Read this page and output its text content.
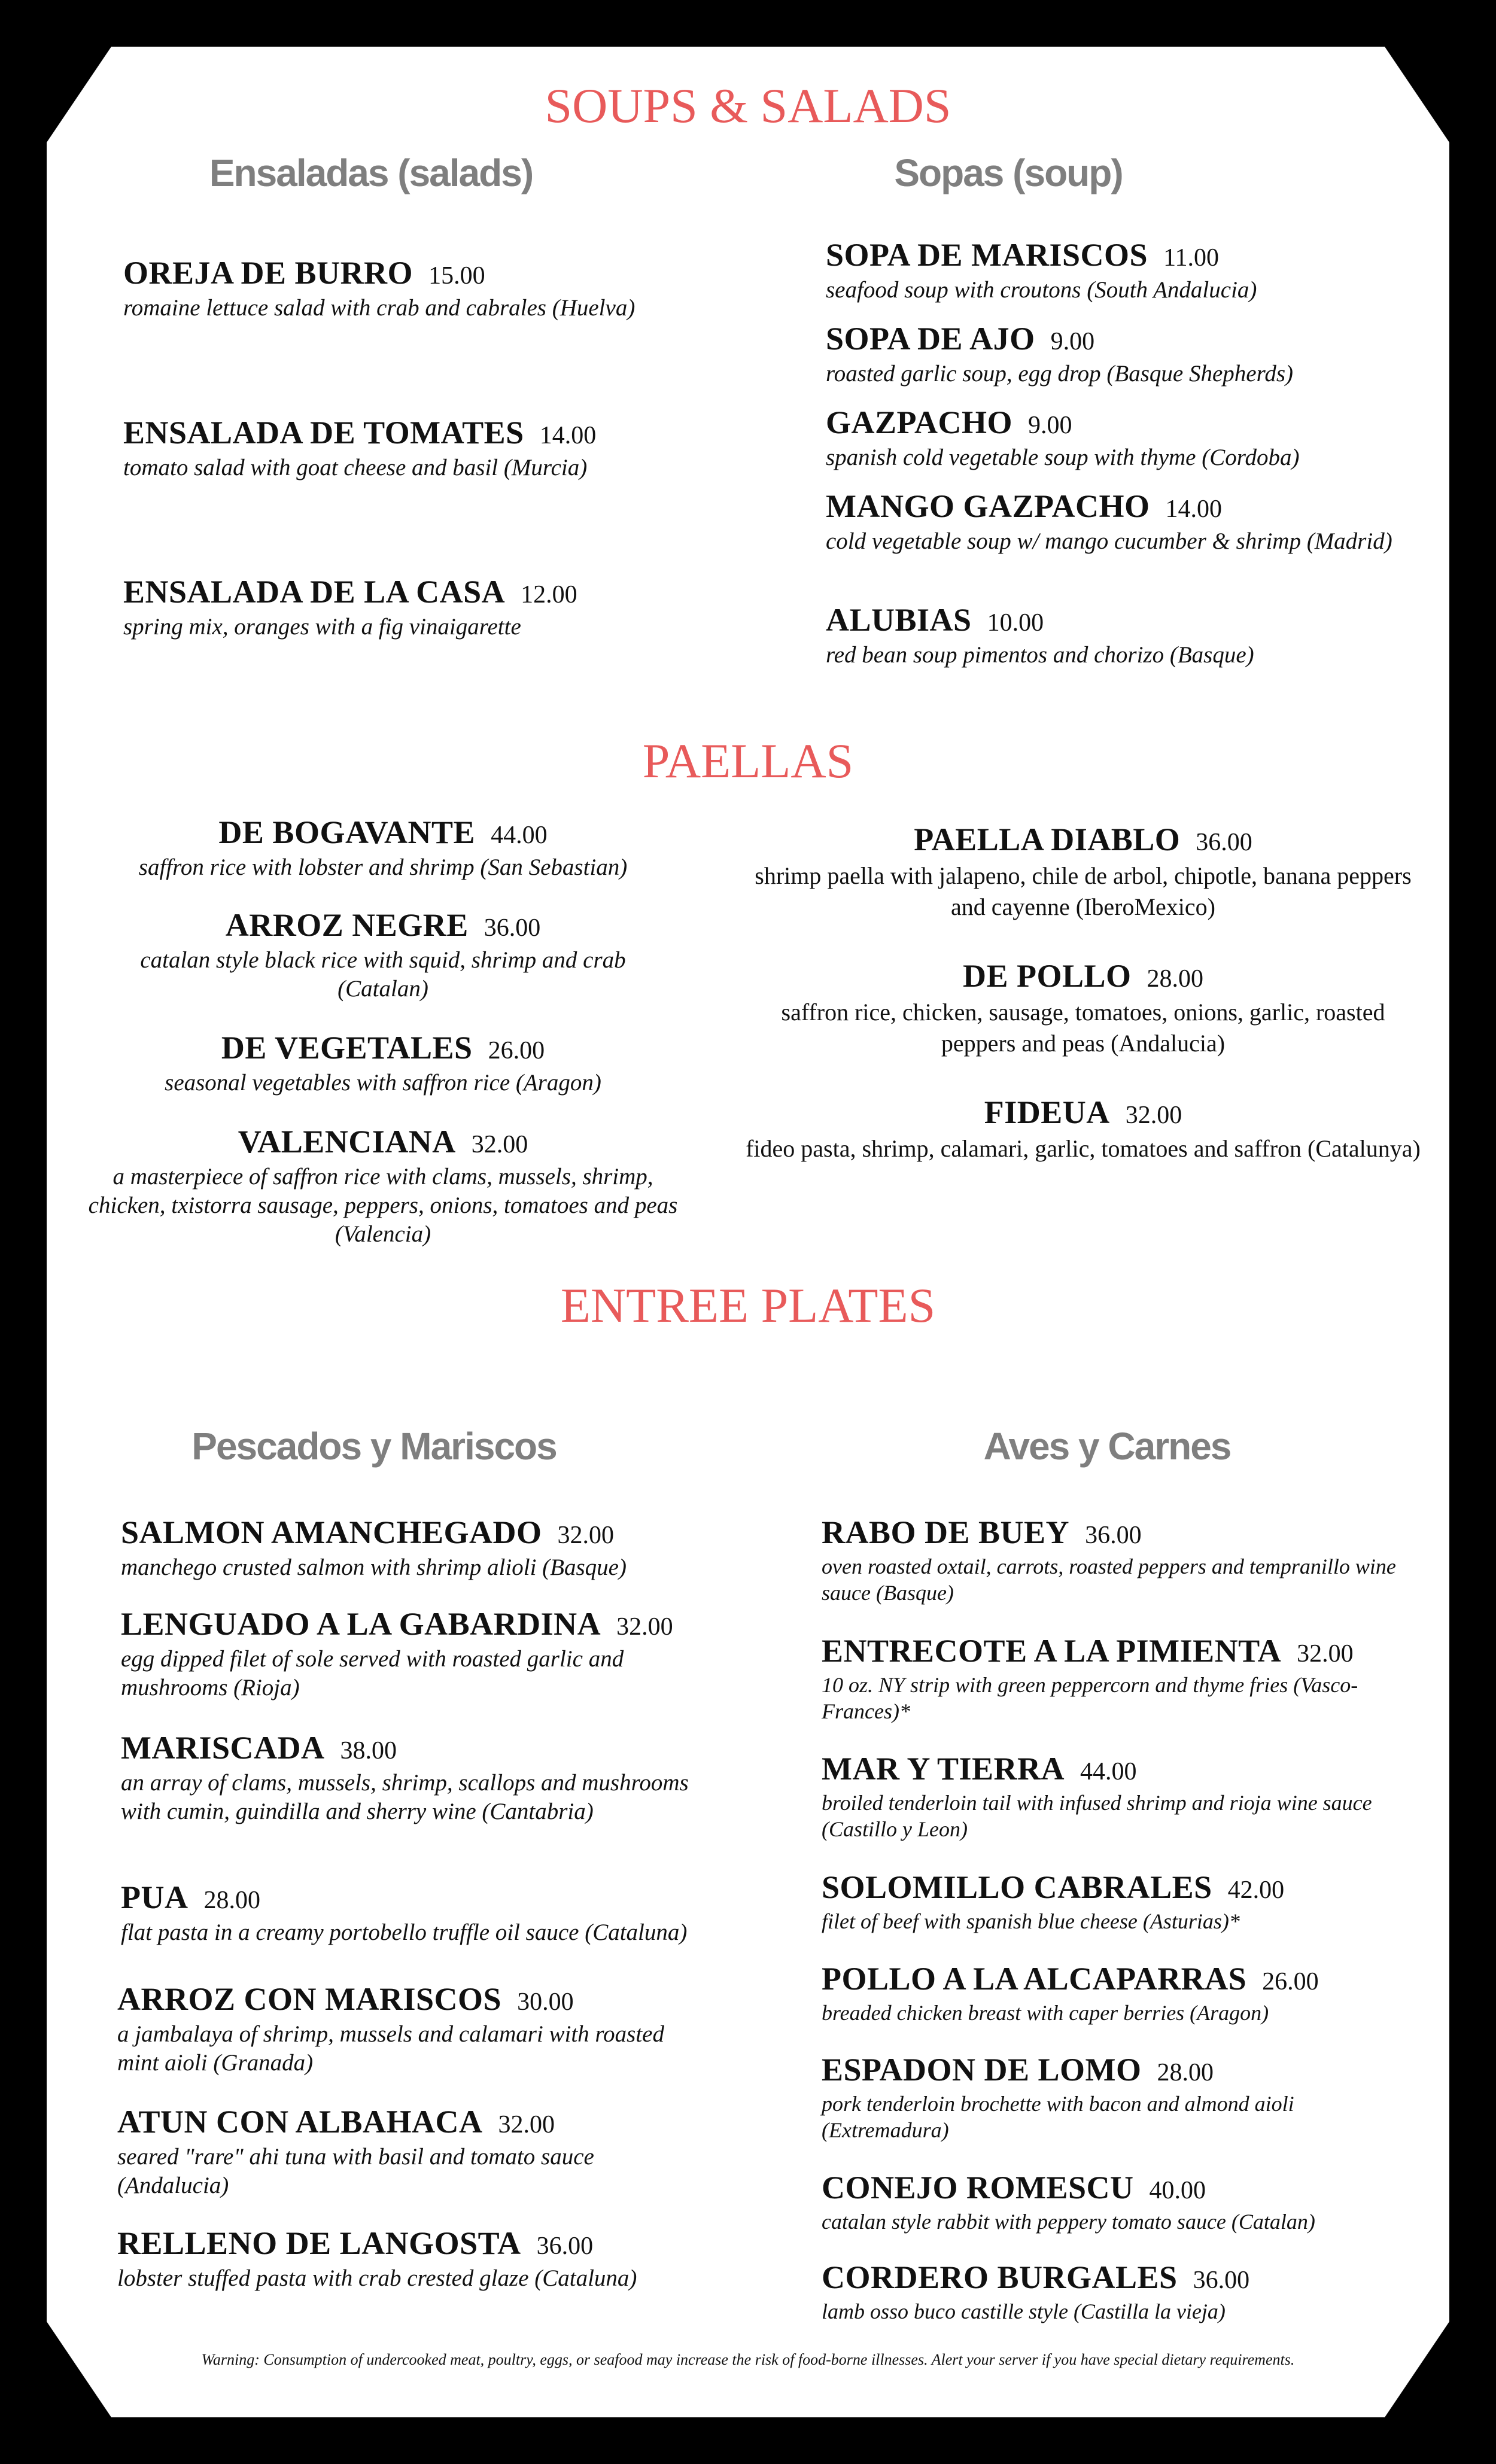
SOUPS & SALADS
Ensaladas (salads)	Sopas (soup)
OREJA DE BURRO 15.00
romaine lettuce salad with crab and cabrales (Huelva)
ENSALADA DE TOMATES 14.00
tomato salad with goat cheese and basil (Murcia)
ENSALADA DE LA CASA 12.00
spring mix, oranges with a fig vinaigarette
SOPA DE MARISCOS 11.00
seafood soup with croutons (South Andalucia)
SOPA DE AJO 9.00
roasted garlic soup, egg drop (Basque Shepherds)
GAZPACHO 9.00
spanish cold vegetable soup with thyme (Cordoba)
MANGO GAZPACHO 14.00
cold vegetable soup w/ mango cucumber & shrimp (Madrid)
ALUBIAS 10.00
red bean soup pimentos and chorizo (Basque)
PAELLAS
DE BOGAVANTE 44.00
saffron rice with lobster and shrimp (San Sebastian)
ARROZ NEGRE 36.00
catalan style black rice with squid, shrimp and crab (Catalan)
DE VEGETALES 26.00
seasonal vegetables with saffron rice (Aragon)
VALENCIANA 32.00
a masterpiece of saffron rice with clams, mussels, shrimp, chicken, txistorra sausage, peppers, onions, tomatoes and peas (Valencia)
PAELLA DIABLO 36.00
shrimp paella with jalapeno, chile de arbol, chipotle, banana peppers and cayenne (IberoMexico)
DE POLLO 28.00
saffron rice, chicken, sausage, tomatoes, onions, garlic, roasted peppers and peas (Andalucia)
FIDEUA 32.00
fideo pasta, shrimp, calamari, garlic, tomatoes and saffron (Catalunya)
ENTREE PLATES
Pescados y Mariscos	Aves y Carnes
SALMON AMANCHEGADO 32.00
manchego crusted salmon with shrimp alioli (Basque)
LENGUADO A LA GABARDINA 32.00
egg dipped filet of sole served with roasted garlic and mushrooms (Rioja)
MARISCADA 38.00
an array of clams, mussels, shrimp, scallops and mushrooms with cumin, guindilla and sherry wine (Cantabria)
PUA 28.00
flat pasta in a creamy portobello truffle oil sauce (Cataluna)
ARROZ CON MARISCOS 30.00
a jambalaya of shrimp, mussels and calamari with roasted mint aioli (Granada)
ATUN CON ALBAHACA 32.00
seared "rare" ahi tuna with basil and tomato sauce (Andalucia)
RELLENO DE LANGOSTA 36.00
lobster stuffed pasta with crab crested glaze (Cataluna)
RABO DE BUEY 36.00
oven roasted oxtail, carrots, roasted peppers and tempranillo wine sauce (Basque)
ENTRECOTE A LA PIMIENTA 32.00
10 oz. NY strip with green peppercorn and thyme fries (Vasco-Frances)*
MAR Y TIERRA 44.00
broiled tenderloin tail with infused shrimp and rioja wine sauce (Castillo y Leon)
SOLOMILLO CABRALES 42.00
filet of beef with spanish blue cheese (Asturias)*
POLLO A LA ALCAPARRAS 26.00
breaded chicken breast with caper berries (Aragon)
ESPADON DE LOMO 28.00
pork tenderloin brochette with bacon and almond aioli (Extremadura)
CONEJO ROMESCU 40.00
catalan style rabbit with peppery tomato sauce (Catalan)
CORDERO BURGALES 36.00
lamb osso buco castille style (Castilla la vieja)
Warning: Consumption of undercooked meat, poultry, eggs, or seafood may increase the risk of food-borne illnesses. Alert your server if you have special dietary requirements.
